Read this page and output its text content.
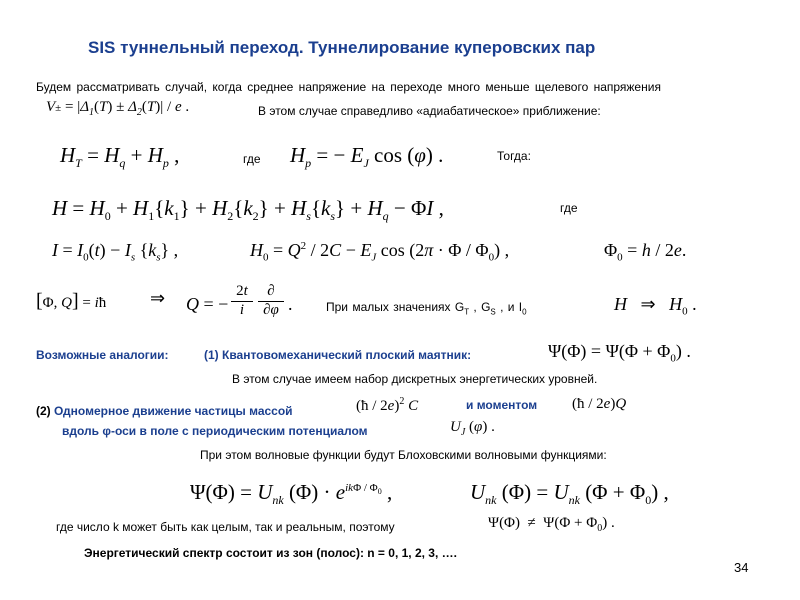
SIS туннельный переход. Туннелирование куперовских пар
Будем рассматривать случай, когда среднее напряжение на переходе много меньше щелевого напряжения
$V\pm = |\Delta_1(T) \pm \Delta_2(T)| / e$ .	В этом случае справедливо «адиабатическое» приближение:
$H_T = H_q + H_p$ ,	где $H_p$ = − $E_J$ cos (φ) .	Тогда:
$H = H_0 + H_1\{k_1\} + H_2\{k_2\} + H_s\{k_s\} + H_q - \Phi I$ ,	где
$I = I_0(t) - I_s$ $\{k_s\}$ ,	$H_0 = Q^2 / 2C - E_J$ $\cos (2\pi \cdot \Phi / \Phi_0)$ ,	$\Phi_0 = h / 2e$.
[Φ, Q] = iħ ⇒ Q = −
2t
i
∂
∂φ .	При малых значениях $G_T$ , $G_S$ , и $I_0$	H   ⇒   $H_0$ .
Возможные аналогии:	(1) Квантовомеханический плоский маятник:	$\Psi(\Phi) = \Psi(\Phi + \Phi_0)$ .
В этом случае имеем набор дискретных энергетических уровней.
(2) Одномерное движение частицы массой	(ħ / 2e)$^2$ C	и моментом (ħ / 2e)Q
вдоль φ-оси в поле с периодическим потенциалом	$U_J$ (φ) .
При этом волновые функции будут Блоховскими волновыми функциями:
$\Psi(\Phi) = U_{nk}$ $(\Phi) \cdot e^{ik\Phi / \Phi_0}$ ,	$U_{nk}$ $(\Phi) = U_{nk}$ $(\Phi + \Phi_0)$ ,
где число k может быть как целым, так и реальным, поэтому	$\Psi(\Phi) \ne \Psi(\Phi + \Phi_0)$ .
Энергетический спектр состоит из зон (полос): n = 0, 1, 2, 3, ….
34
